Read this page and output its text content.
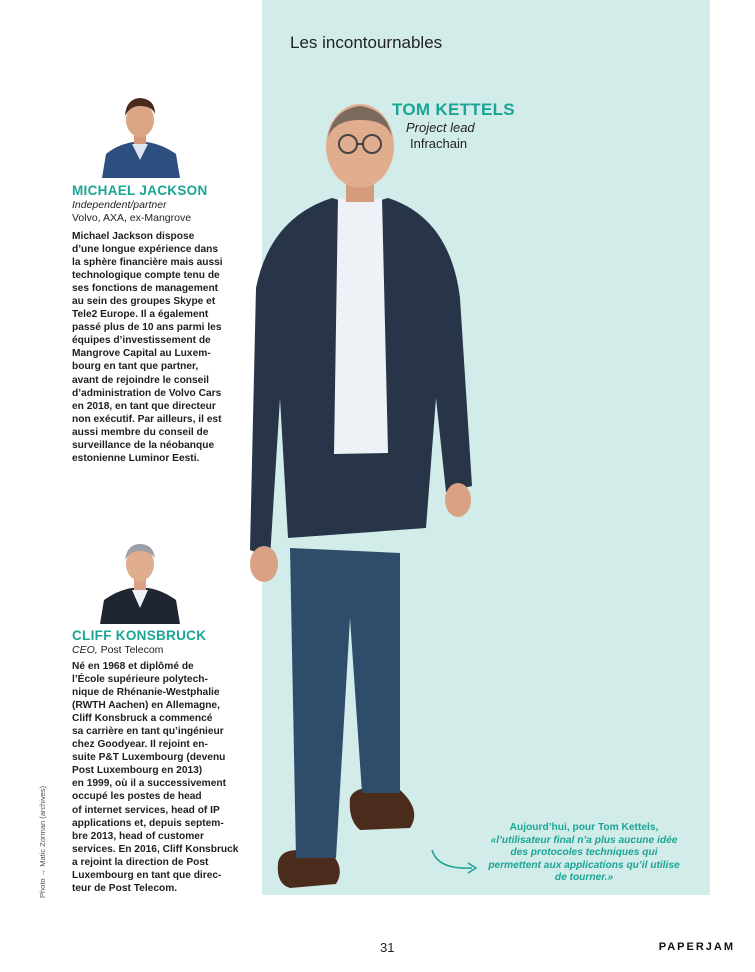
Les incontournables
MICHAEL JACKSON
Independent/partner
Volvo, AXA, ex-Mangrove

Michael Jackson dispose

d’une longue expérience dans

la sphère financière mais aussi

technologique compte tenu de

ses fonctions de management

au sein des groupes Skype et

Tele2 Europe. Il a également

passé plus de 10 ans parmi les

équipes d’investissement de

Mangrove Capital au Luxem-

bourg en tant que partner,

avant de rejoindre le conseil

d’administration de Volvo Cars

en 2018, en tant que directeur

non exécutif. Par ailleurs, il est

aussi membre du conseil de

surveillance de la néobanque

estonienne Luminor Eesti.

CLIFF KONSBRUCK
CEO, Post Telecom

Né en 1968 et diplômé de

l’École supérieure polytech-

nique de Rhénanie-Westphalie

(RWTH Aachen) en Allemagne,

Cliff Konsbruck a commencé

sa carrière en tant qu’ingénieur

chez Goodyear. Il rejoint en-

suite P&T Luxembourg (devenu

Post Luxembourg en 2013)

en 1999, où il a successivement

occupé les postes de head

of internet services, head of IP

applications et, depuis septem-

bre 2013, head of customer

services. En 2016, Cliff Konsbruck

a rejoint la direction de Post

Luxembourg en tant que direc-

teur de Post Telecom.

TOM KETTELS
Project lead
Infrachain
Aujourd’hui, pour Tom Kettels,
«l’utilisateur final n’a plus aucune idée des protocoles techniques qui permettent aux applications qu’il utilise de tourner.»
Photo → Matic Zorman (archives)
31	PAPERJAM
